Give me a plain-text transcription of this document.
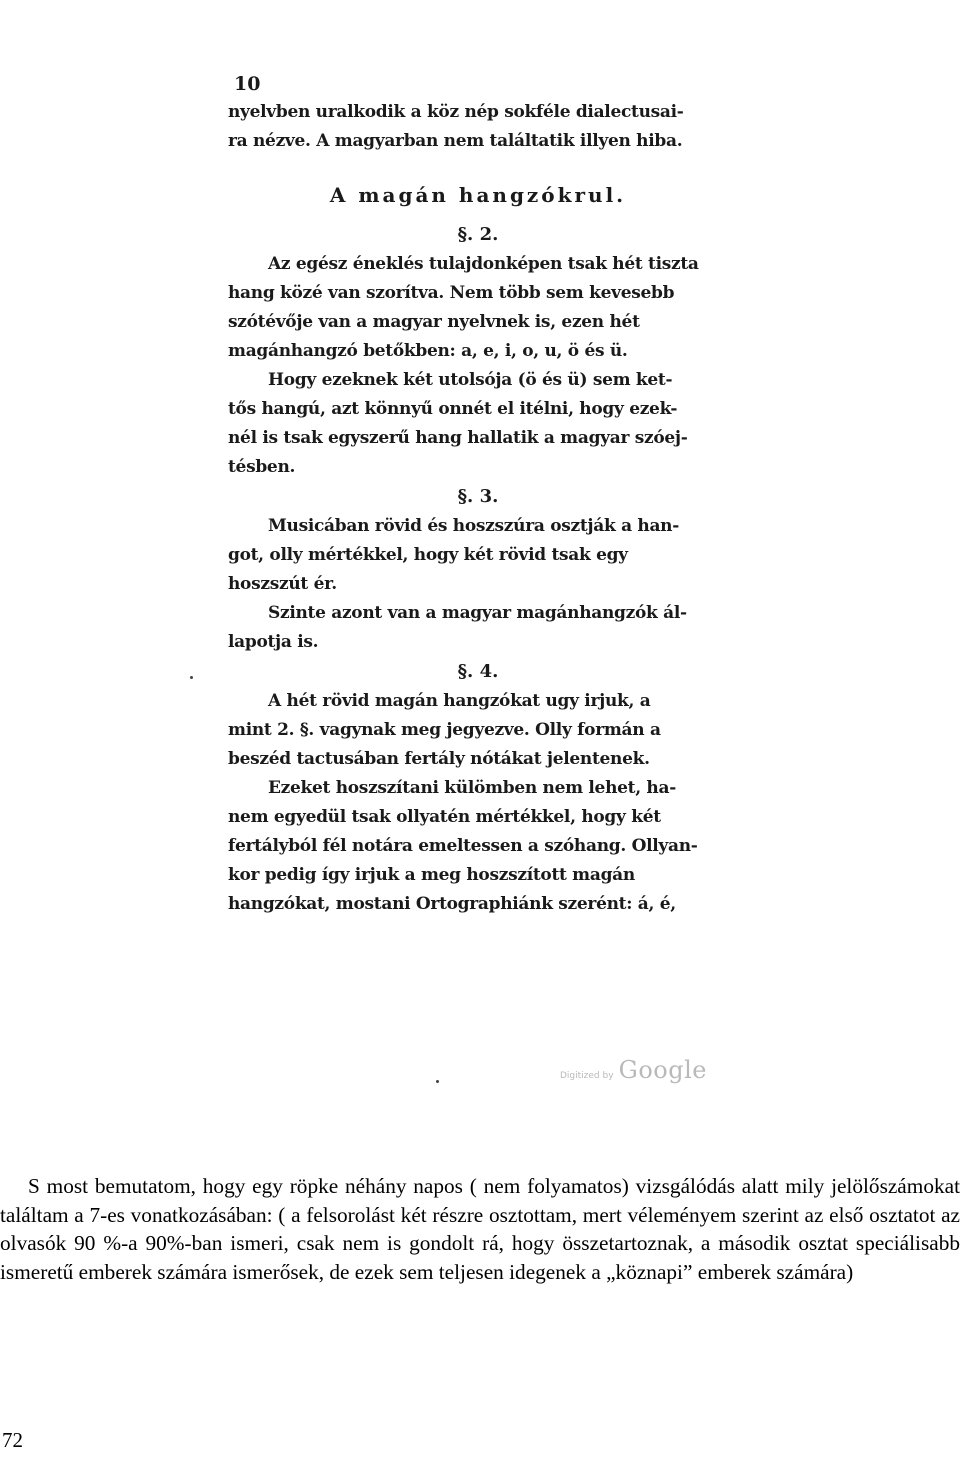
10

nyelvben uralkodik a köz nép sokféle dialectusai-

ra nézve. A magyarban nem találtatik illyen hiba.

A magán hangzókrul.
§. 2.

Az egész éneklés tulajdonképen tsak hét tiszta

hang közé van szorítva. Nem több sem kevesebb

szótévője van a magyar nyelvnek is, ezen hét

magánhangzó betőkben: a, e, i, o, u, ö és ü.

Hogy ezeknek két utolsója (ö és ü) sem ket-

tős hangú, azt könnyű onnét el itélni, hogy ezek-

nél is tsak egyszerű hang hallatik a magyar szóej-

tésben.

§. 3.

Musicában rövid és hoszszúra osztják a han-

got, olly mértékkel, hogy két rövid tsak egy

hoszszút ér.

Szinte azont van a magyar magánhangzók ál-

lapotja is.

§. 4.

A hét rövid magán hangzókat ugy irjuk, a

mint 2. §. vagynak meg jegyezve. Olly formán a

beszéd tactusában fertály nótákat jelentenek.

Ezeket hoszszítani külömben nem lehet, ha-

nem egyedül tsak ollyatén mértékkel, hogy két

fertályból fél notára emeltessen a szóhang. Ollyan-

kor pedig így irjuk a meg hoszszított magán

hangzókat, mostani Ortographiánk szerént: á, é,

Digitized by Google

S most bemutatom, hogy egy röpke néhány napos ( nem folyamatos) vizsgálódás alatt mily jelölőszámokat találtam a 7-es vonatkozásában: ( a felsorolást két részre osztottam, mert véleményem szerint az első osztatot az olvasók 90 %-a 90%-ban ismeri, csak nem is gondolt rá, hogy összetartoznak, a második osztat speciálisabb ismeretű emberek számára ismerősek, de ezek sem teljesen idegenek a „köznapi” emberek számára)

72
